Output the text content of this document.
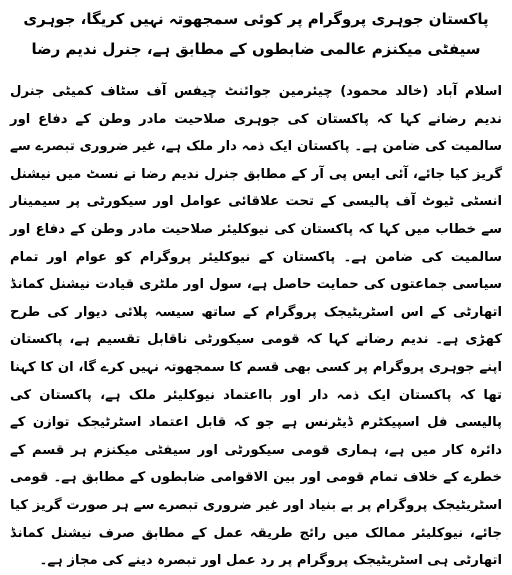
پاکستان جوہری پروگرام پر کوئی سمجھوتہ نہیں کریگا، جوہری سیفٹی میکنزم عالمی ضابطوں کے مطابق ہے، جنرل ندیم رضا

اسلام آباد (خالد محمود) چیئرمین جوائنٹ چیفس آف سٹاف کمیٹی جنرل ندیم رضانے کہا کہ پاکستان کی جوہری صلاحیت مادر وطن کے دفاع اور سالمیت کی ضامن ہے۔ پاکستان ایک ذمہ دار ملک ہے، غیر ضروری تبصرے سے گریز کیا جائے، آئی ایس پی آر کے مطابق جنرل ندیم رضا نے نسٹ میں نیشنل انسٹی ٹیوٹ آف پالیسی کے تحت علاقائی عوامل اور سیکورٹی پر سیمینار سے خطاب میں کہا کہ پاکستان کی نیوکلیئر صلاحیت مادر وطن کے دفاع اور سالمیت کی ضامن ہے۔ پاکستان کے نیوکلیئر پروگرام کو عوام اور تمام سیاسی جماعتوں کی حمایت حاصل ہے، سول اور ملٹری قیادت نیشنل کمانڈ اتھارٹی کے اس اسٹریٹیجک پروگرام کے ساتھ سیسہ پلائی دیوار کی طرح کھڑی ہے۔ ندیم رضانے کہا کہ قومی سیکورٹی ناقابل تقسیم ہے، پاکستان اپنے جوہری پروگرام پر کسی بھی قسم کا سمجھوتہ نہیں کرے گا، ان کا کہنا تھا کہ پاکستان ایک ذمہ دار اور بااعتماد نیوکلیئر ملک ہے، پاکستان کی پالیسی فل اسپیکٹرم ڈیٹرنس ہے جو کہ قابل اعتماد اسٹرٹیجک توازن کے دائرہ کار میں ہے، ہماری قومی سیکورٹی اور سیفٹی میکنزم ہر قسم کے خطرے کے خلاف تمام قومی اور بین الاقوامی ضابطوں کے مطابق ہے۔ قومی اسٹریٹیجک پروگرام پر بے بنیاد اور غیر ضروری تبصرے سے ہر صورت گریز کیا جائے، نیوکلیئر ممالک میں رائج طریقہ عمل کے مطابق صرف نیشنل کمانڈ اتھارٹی ہی اسٹریٹیجک پروگرام پر رد عمل اور تبصرہ دینے کی مجاز ہے۔
